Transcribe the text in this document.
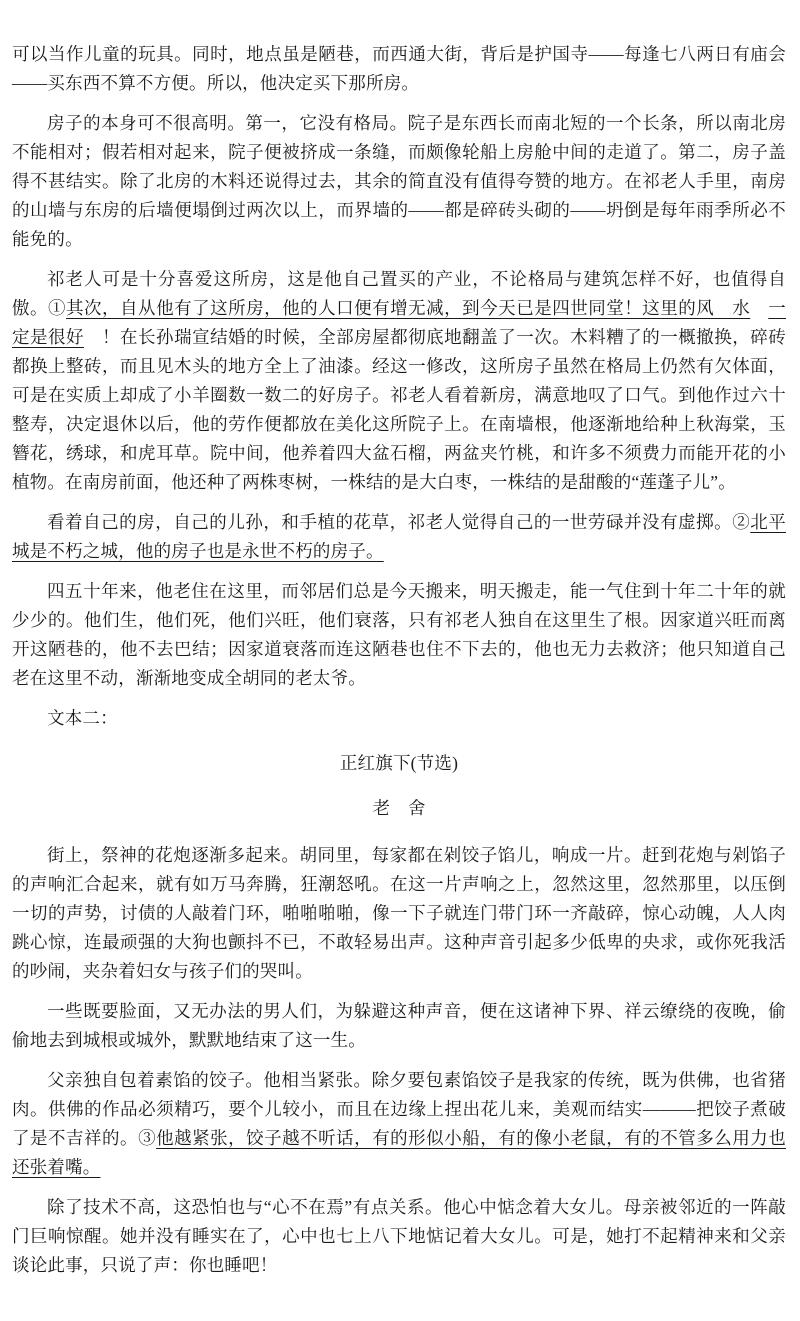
可以当作儿童的玩具。同时，地点虽是陋巷，而西通大街，背后是护国寺——每逢七八两日有庙会——买东西不算不方便。所以，他决定买下那所房。

房子的本身可不很高明。第一，它没有格局。院子是东西长而南北短的一个长条，所以南北房不能相对；假若相对起来，院子便被挤成一条缝，而颇像轮船上房舱中间的走道了。第二，房子盖得不甚结实。除了北房的木料还说得过去，其余的简直没有值得夸赞的地方。在祁老人手里，南房的山墙与东房的后墙便塌倒过两次以上，而界墙的——都是碎砖头砌的——坍倒是每年雨季所必不能免的。

祁老人可是十分喜爱这所房，这是他自己置买的产业，不论格局与建筑怎样不好，也值得自傲。①其次，自从他有了这所房，他的人口便有增无减，到今天已是四世同堂！这里的风　水　 一定是很好　！在长孙瑞宣结婚的时候，全部房屋都彻底地翻盖了一次。木料糟了的一概撤换，碎砖都换上整砖，而且见木头的地方全上了油漆。经这一修改，这所房子虽然在格局上仍然有欠体面，可是在实质上却成了小羊圈数一数二的好房子。祁老人看着新房，满意地叹了口气。到他作过六十整寿，决定退休以后，他的劳作便都放在美化这所院子上。在南墙根，他逐渐地给种上秋海棠，玉簪花，绣球，和虎耳草。院中间，他养着四大盆石榴，两盆夹竹桃，和许多不须费力而能开花的小植物。在南房前面，他还种了两株枣树，一株结的是大白枣，一株结的是甜酸的“莲蓬子儿”。

看着自己的房，自己的儿孙，和手植的花草，祁老人觉得自己的一世劳碌并没有虚掷。②北平城是不朽之城，他的房子也是永世不朽的房子。

四五十年来，他老住在这里，而邻居们总是今天搬来，明天搬走，能一气住到十年二十年的就少少的。他们生，他们死，他们兴旺，他们衰落，只有祁老人独自在这里生了根。因家道兴旺而离开这陋巷的，他不去巴结；因家道衰落而连这陋巷也住不下去的，他也无力去救济；他只知道自己老在这里不动，渐渐地变成全胡同的老太爷。

文本二：

正红旗下(节选)

老　舍

街上，祭神的花炮逐渐多起来。胡同里，每家都在剁饺子馅儿，响成一片。赶到花炮与剁馅子的声响汇合起来，就有如万马奔腾，狂潮怒吼。在这一片声响之上，忽然这里，忽然那里，以压倒一切的声势，讨债的人敲着门环，啪啪啪啪，像一下子就连门带门环一齐敲碎，惊心动魄，人人肉跳心惊，连最顽强的大狗也颤抖不已，不敢轻易出声。这种声音引起多少低卑的央求，或你死我活的吵闹，夹杂着妇女与孩子们的哭叫。

一些既要脸面，又无办法的男人们，为躲避这种声音，便在这诸神下界、祥云缭绕的夜晚，偷偷地去到城根或城外，默默地结束了这一生。

父亲独自包着素馅的饺子。他相当紧张。除夕要包素馅饺子是我家的传统，既为供佛，也省猪肉。供佛的作品必须精巧，要个儿较小，而且在边缘上捏出花儿来，美观而结实———把饺子煮破了是不吉祥的。③他越紧张，饺子越不听话，有的形似小船，有的像小老鼠，有的不管多么用力也还张着嘴。

除了技术不高，这恐怕也与“心不在焉”有点关系。他心中惦念着大女儿。母亲被邻近的一阵敲门巨响惊醒。她并没有睡实在了，心中也七上八下地惦记着大女儿。可是，她打不起精神来和父亲谈论此事，只说了声：你也睡吧！
